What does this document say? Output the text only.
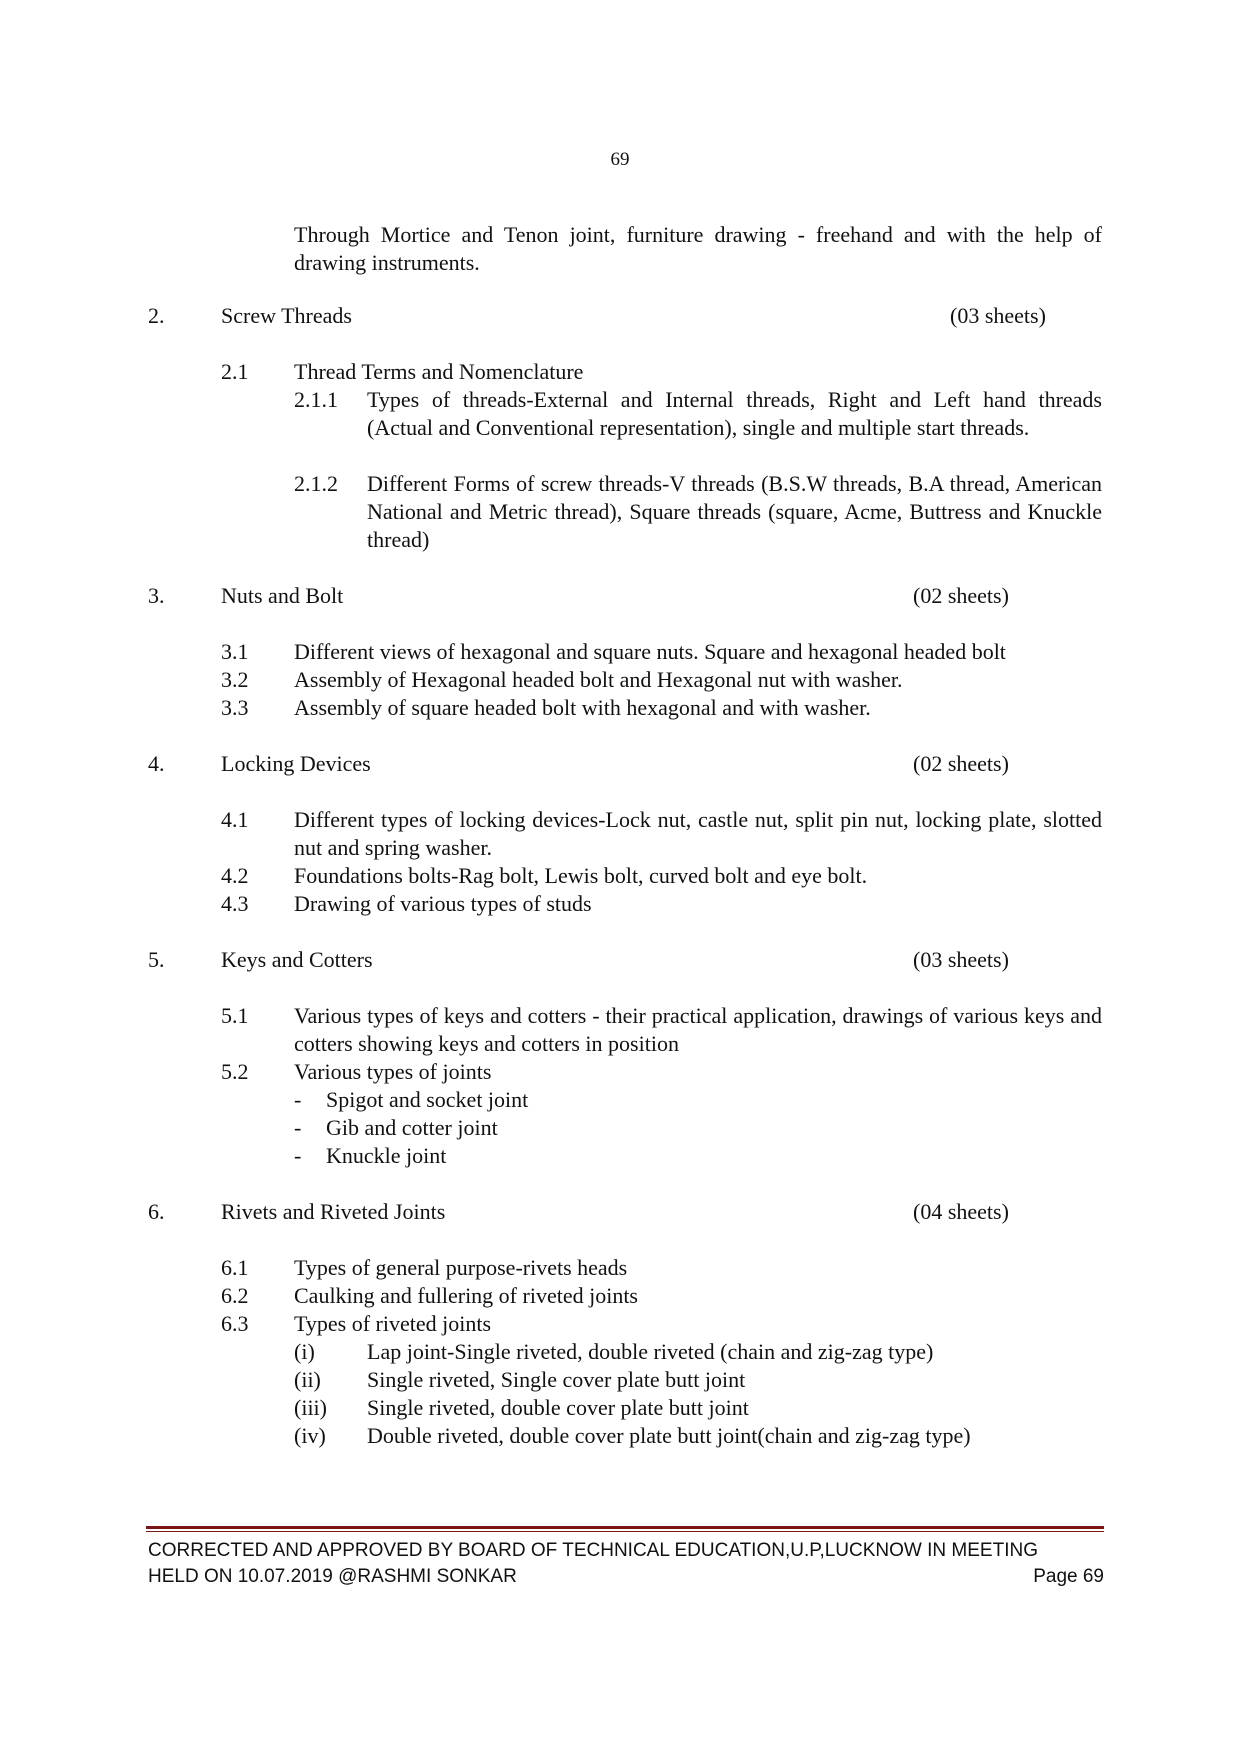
69
Through Mortice and Tenon joint, furniture drawing - freehand and with the help of drawing instruments.
2.	Screw Threads	(03 sheets)
2.1 Thread Terms and Nomenclature
2.1.1 Types of threads-External and Internal threads, Right and Left hand threads (Actual and Conventional representation), single and multiple start threads.
2.1.2 Different Forms of screw threads-V threads (B.S.W threads, B.A thread, American National and Metric thread), Square threads (square, Acme, Buttress and Knuckle thread)
3.	Nuts and Bolt	(02 sheets)
3.1 Different views of hexagonal and square nuts. Square and hexagonal headed bolt
3.2 Assembly of Hexagonal headed bolt and Hexagonal nut with washer.
3.3 Assembly of square headed bolt with hexagonal and with washer.
4.	Locking Devices	(02 sheets)
4.1 Different types of locking devices-Lock nut, castle nut, split pin nut, locking plate, slotted nut and spring washer.
4.2 Foundations bolts-Rag bolt, Lewis bolt, curved bolt and eye bolt.
4.3 Drawing of various types of studs
5.	Keys and Cotters	(03 sheets)
5.1 Various types of keys and cotters - their practical application, drawings of various keys and cotters showing keys and cotters in position
5.2 Various types of joints
- Spigot and socket joint
- Gib and cotter joint
- Knuckle joint
6.	Rivets and Riveted Joints	(04 sheets)
6.1 Types of general purpose-rivets heads
6.2 Caulking and fullering of riveted joints
6.3 Types of riveted joints
(i) Lap joint-Single riveted, double riveted (chain and zig-zag type)
(ii) Single riveted, Single cover plate butt joint
(iii) Single riveted, double cover plate butt joint
(iv) Double riveted, double cover plate butt joint(chain and zig-zag type)
CORRECTED AND APPROVED BY BOARD OF TECHNICAL EDUCATION,U.P,LUCKNOW IN MEETING
HELD ON 10.07.2019 @RASHMI SONKAR	Page 69
